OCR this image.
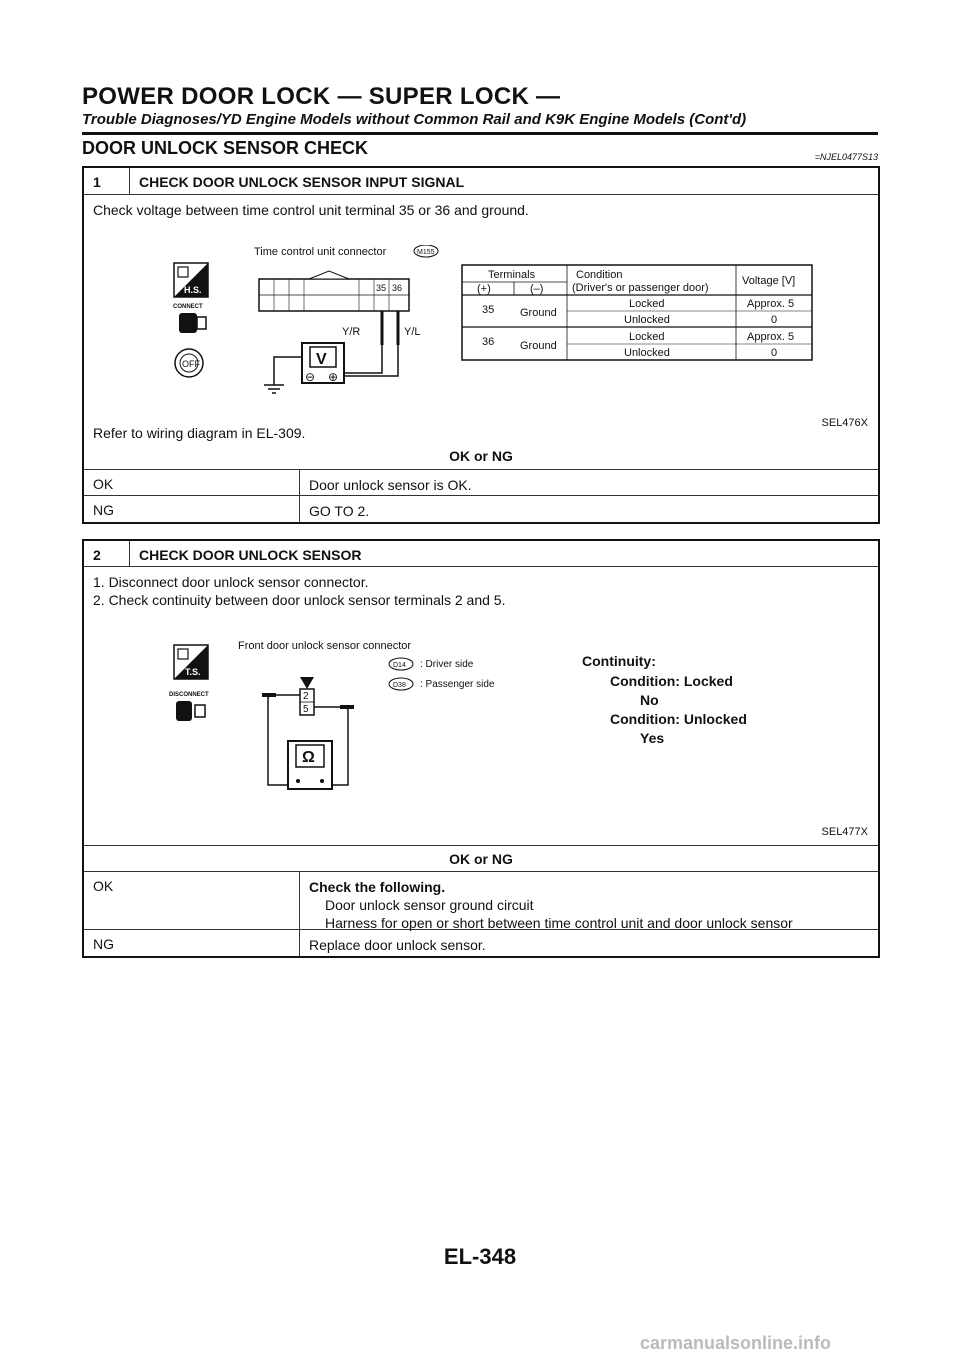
POWER DOOR LOCK — SUPER LOCK —
Trouble Diagnoses/YD Engine Models without Common Rail and K9K Engine Models (Cont'd)
DOOR UNLOCK SENSOR CHECK	=NJEL0477S13
1	CHECK DOOR UNLOCK SENSOR INPUT SIGNAL
Check voltage between time control unit terminal 35 or 36 and ground.
H.S.
CONNECT
OFF
Time control unit connector	M155
35 36
Y/R	Y/L
V
⊖ ⊕
Terminals
(+)	(–)
Condition
(Driver's or passenger door)
Voltage [V]
35 Ground
Locked	Approx. 5
Unlocked	0
36 Ground
Locked	Approx. 5
Unlocked	0
SEL476X
Refer to wiring diagram in EL-309.
OK or NG
OK	Door unlock sensor is OK.
NG	GO TO 2.
2	CHECK DOOR UNLOCK SENSOR
1. Disconnect door unlock sensor connector.
2. Check continuity between door unlock sensor terminals 2 and 5.
T.S.
DISCONNECT
Front door unlock sensor connector
D14 : Driver side
D38 : Passenger side
2
5
Ω
Continuity:
Condition: Locked
No
Condition: Unlocked
Yes
SEL477X
OK or NG
OK	Check the following.
Door unlock sensor ground circuit
Harness for open or short between time control unit and door unlock sensor
NG	Replace door unlock sensor.
EL-348
carmanualsonline.info
